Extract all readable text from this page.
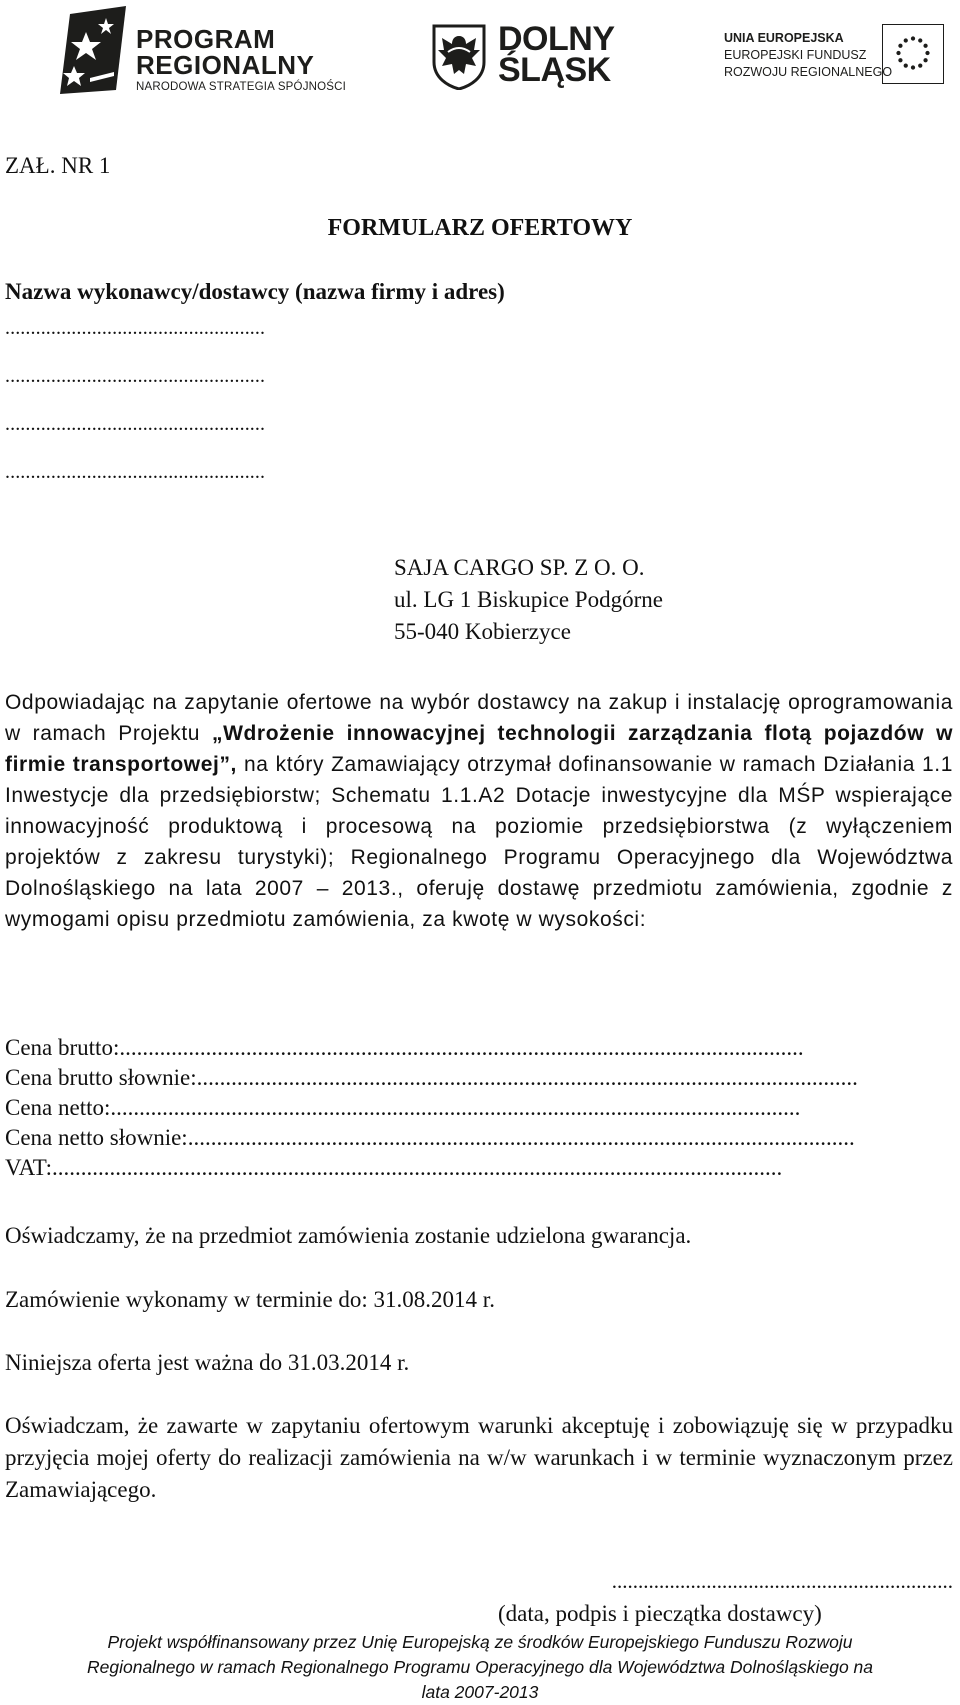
PROGRAM
REGIONALNY
NARODOWA STRATEGIA SPÓJNOŚCI
DOLNY
ŚLĄSK
UNIA EUROPEJSKA
EUROPEJSKI FUNDUSZ
ROZWOJU REGIONALNEGO
ZAŁ. NR 1
FORMULARZ OFERTOWY
Nazwa wykonawcy/dostawcy (nazwa firmy i adres)
...................................................
...................................................
...................................................
...................................................
SAJA CARGO SP. Z O. O.
ul. LG 1 Biskupice Podgórne
55-040 Kobierzyce
Odpowiadając na zapytanie ofertowe na wybór dostawcy na zakup i instalację oprogramowania w ramach Projektu „Wdrożenie innowacyjnej technologii zarządzania flotą pojazdów w firmie transportowej”, na który Zamawiający otrzymał dofinansowanie w ramach Działania 1.1 Inwestycje dla przedsiębiorstw; Schematu 1.1.A2 Dotacje inwestycyjne dla MŚP wspierające innowacyjność produktową i procesową na poziomie przedsiębiorstwa (z wyłączeniem projektów z zakresu turystyki); Regionalnego Programu Operacyjnego dla Województwa Dolnośląskiego na lata 2007 – 2013., oferuję dostawę przedmiotu zamówienia, zgodnie z wymogami opisu przedmiotu zamówienia, za kwotę w wysokości:
Cena brutto:.......................................................................................................................
Cena brutto słownie:...................................................................................................................
Cena netto:........................................................................................................................
Cena netto słownie:....................................................................................................................
VAT:...............................................................................................................................
Oświadczamy, że na przedmiot zamówienia zostanie udzielona gwarancja.
Zamówienie wykonamy w terminie do: 31.08.2014 r.
Niniejsza oferta jest ważna do 31.03.2014 r.
Oświadczam, że zawarte w zapytaniu ofertowym warunki akceptuję i zobowiązuję się w przypadku przyjęcia mojej oferty do realizacji zamówienia na w/w warunkach i w terminie wyznaczonym przez Zamawiającego.
.................................................................
(data, podpis i pieczątka dostawcy)
Projekt współfinansowany przez Unię Europejską ze środków Europejskiego Funduszu Rozwoju
Regionalnego w ramach Regionalnego Programu Operacyjnego dla Województwa Dolnośląskiego na
lata 2007-2013
